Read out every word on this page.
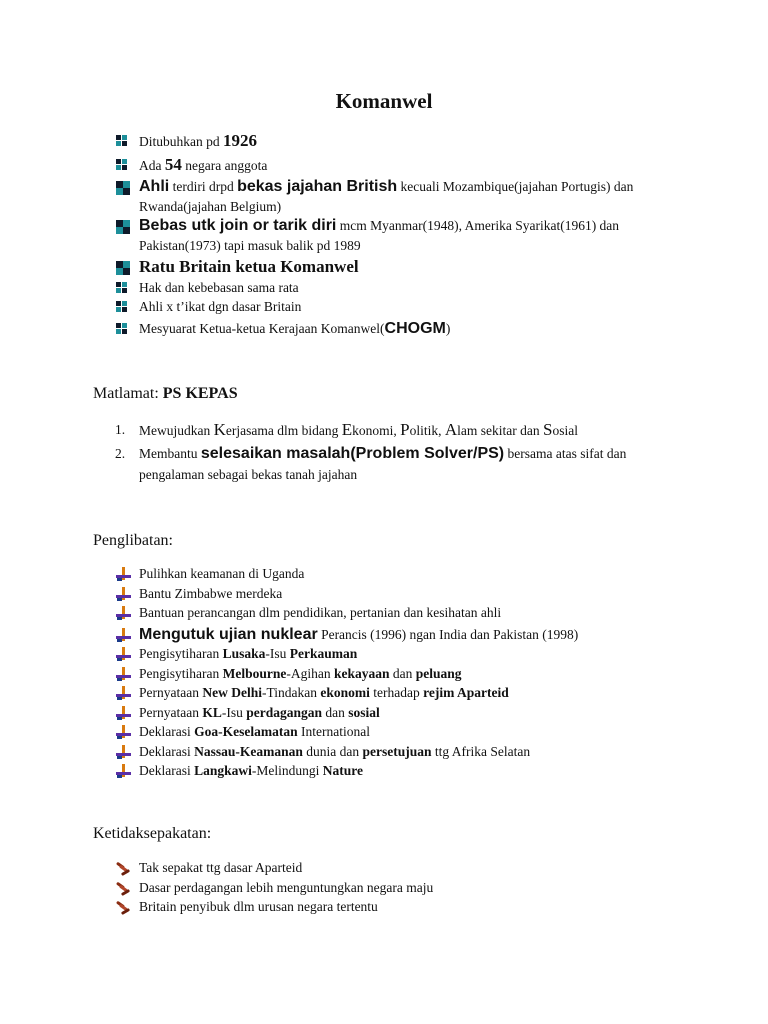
Komanwel
Ditubuhkan pd 1926
Ada 54 negara anggota
Ahli terdiri drpd bekas jajahan British kecuali Mozambique(jajahan Portugis) dan Rwanda(jajahan Belgium)
Bebas utk join or tarik diri mcm Myanmar(1948), Amerika Syarikat(1961) dan Pakistan(1973) tapi masuk balik pd 1989
Ratu Britain ketua Komanwel
Hak dan kebebasan sama rata
Ahli x t’ikat dgn dasar Britain
Mesyuarat Ketua-ketua Kerajaan Komanwel(CHOGM)
Matlamat: PS KEPAS
1. Mewujudkan Kerjasama dlm bidang Ekonomi, Politik, Alam sekitar dan Sosial
2. Membantu selesaikan masalah(Problem Solver/PS) bersama atas sifat dan pengalaman sebagai bekas tanah jajahan
Penglibatan:
Pulihkan keamanan di Uganda
Bantu Zimbabwe merdeka
Bantuan perancangan dlm pendidikan, pertanian dan kesihatan ahli
Mengutuk ujian nuklear Perancis (1996) ngan India dan Pakistan (1998)
Pengisytiharan Lusaka-Isu Perkauman
Pengisytiharan Melbourne-Agihan kekayaan dan peluang
Pernyataan New Delhi-Tindakan ekonomi terhadap rejim Aparteid
Pernyataan KL-Isu perdagangan dan sosial
Deklarasi Goa-Keselamatan International
Deklarasi Nassau-Keamanan dunia dan persetujuan ttg Afrika Selatan
Deklarasi Langkawi-Melindungi Nature
Ketidaksepakatan:
Tak sepakat ttg dasar Aparteid
Dasar perdagangan lebih menguntungkan negara maju
Britain penyibuk dlm urusan negara tertentu
